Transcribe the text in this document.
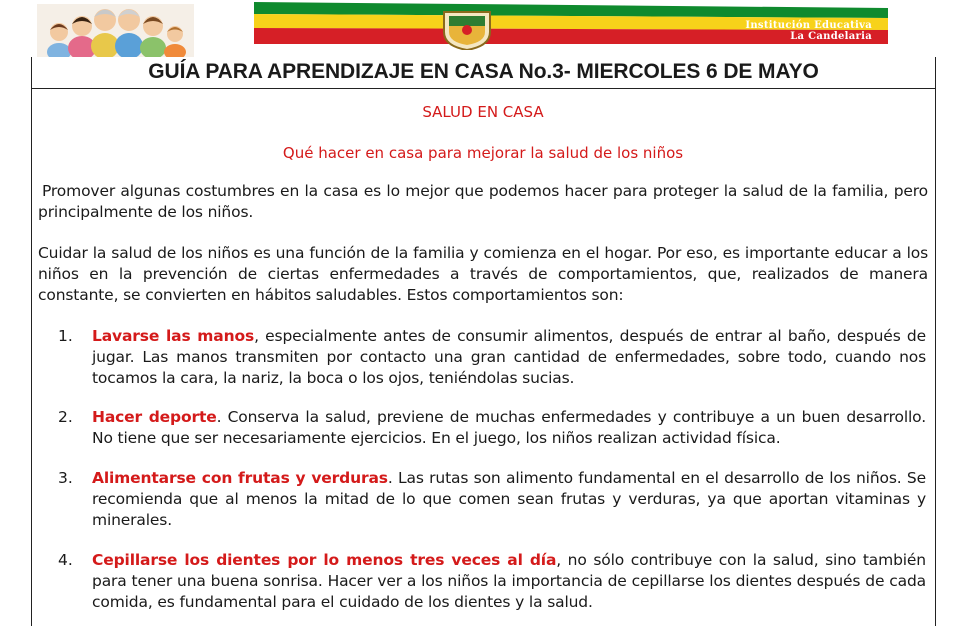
Institución Educativa
La Candelaria
GUÍA PARA APRENDIZAJE EN CASA No.3- MIERCOLES 6 DE MAYO
SALUD EN CASA
Qué hacer en casa para mejorar la salud de los niños
Promover algunas costumbres en la casa es lo mejor que podemos hacer para proteger la salud de la familia, pero principalmente de los niños.
Cuidar la salud de los niños es una función de la familia y comienza en el hogar. Por eso, es importante educar a los niños en la prevención de ciertas enfermedades a través de comportamientos, que, realizados de manera constante, se convierten en hábitos saludables. Estos comportamientos son:
1.	Lavarse las manos, especialmente antes de consumir alimentos, después de entrar al baño, después de jugar. Las manos transmiten por contacto una gran cantidad de enfermedades, sobre todo, cuando nos tocamos la cara, la nariz, la boca o los ojos, teniéndolas sucias.
2.	Hacer deporte. Conserva la salud, previene de muchas enfermedades y contribuye a un buen desarrollo. No tiene que ser necesariamente ejercicios. En el juego, los niños realizan actividad física.
3.	Alimentarse con frutas y verduras. Las rutas son alimento fundamental en el desarrollo de los niños. Se recomienda que al menos la mitad de lo que comen sean frutas y verduras, ya que aportan vitaminas y minerales.
4.	Cepillarse los dientes por lo menos tres veces al día, no sólo contribuye con la salud, sino también para tener una buena sonrisa. Hacer ver a los niños la importancia de cepillarse los dientes después de cada comida, es fundamental para el cuidado de los dientes y la salud.
